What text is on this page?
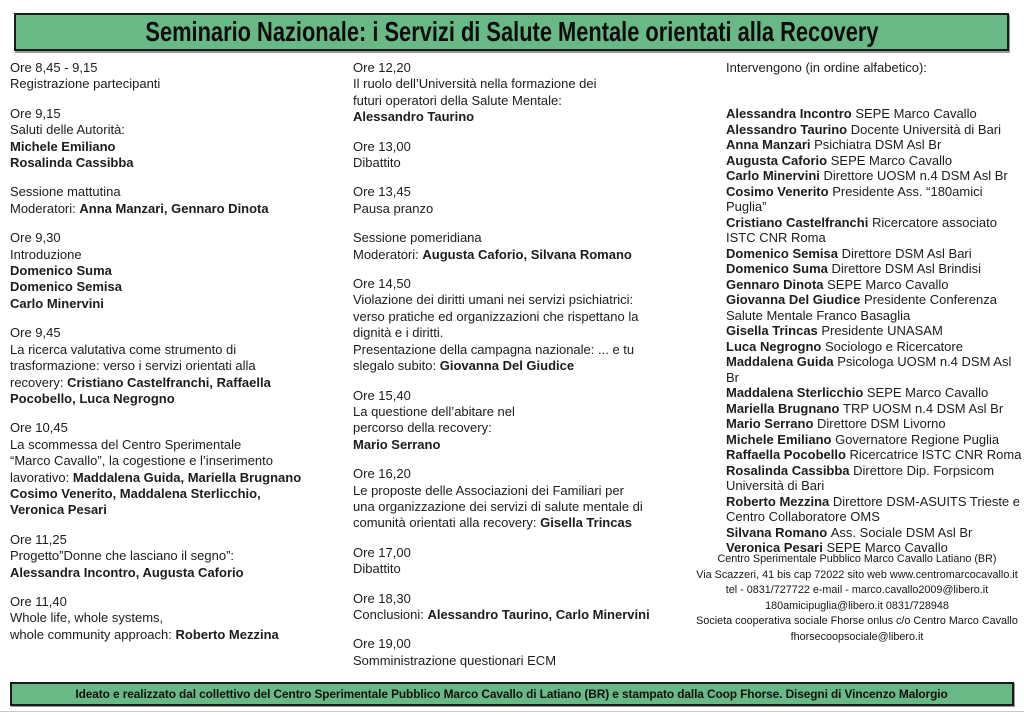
Seminario Nazionale: i Servizi di Salute Mentale orientati alla Recovery
Ore 8,45 - 9,15
Registrazione partecipanti
Ore 9,15
Saluti delle Autorità:
Michele Emiliano
Rosalinda Cassibba
Sessione mattutina
Moderatori: Anna Manzari, Gennaro Dinota
Ore 9,30
Introduzione
Domenico Suma
Domenico Semisa
Carlo Minervini
Ore 9,45
La ricerca valutativa come strumento di
trasformazione: verso i servizi orientati alla
recovery: Cristiano Castelfranchi, Raffaella
Pocobello, Luca Negrogno
Ore 10,45
La scommessa del Centro Sperimentale
“Marco Cavallo”, la cogestione e l’inserimento
lavorativo: Maddalena Guida, Mariella Brugnano
Cosimo Venerito, Maddalena Sterlicchio,
Veronica Pesari
Ore 11,25
Progetto”Donne che lasciano il segno”:
Alessandra Incontro, Augusta Caforio
Ore 11,40
Whole life, whole systems,
whole community approach: Roberto Mezzina
Ore 12,20
Il ruolo dell’Università nella formazione dei
futuri operatori della Salute Mentale:
Alessandro Taurino
Ore 13,00
Dibattito
Ore 13,45
Pausa pranzo
Sessione pomeridiana
Moderatori: Augusta Caforio, Silvana Romano
Ore 14,50
Violazione dei diritti umani nei servizi psichiatrici:
verso pratiche ed organizzazioni che rispettano la
dignità e i diritti.
Presentazione della campagna nazionale: ... e tu
slegalo subito: Giovanna Del Giudice
Ore 15,40
La questione dell’abitare nel
percorso della recovery:
Mario Serrano
Ore 16,20
Le proposte delle Associazioni dei Familiari per
una organizzazione dei servizi di salute mentale di
comunità orientati alla recovery: Gisella Trincas
Ore 17,00
Dibattito
Ore 18,30
Conclusioni: Alessandro Taurino, Carlo Minervini
Ore 19,00
Somministrazione questionari ECM
Intervengono (in ordine alfabetico):
Alessandra Incontro SEPE Marco Cavallo
Alessandro Taurino Docente Università di Bari
Anna Manzari Psichiatra DSM Asl Br
Augusta Caforio SEPE Marco Cavallo
Carlo Minervini Direttore UOSM n.4 DSM Asl Br
Cosimo Venerito Presidente Ass. “180amici Puglia”
Cristiano Castelfranchi Ricercatore associato ISTC CNR Roma
Domenico Semisa Direttore DSM Asl Bari
Domenico Suma Direttore DSM Asl Brindisi
Gennaro Dinota SEPE Marco Cavallo
Giovanna Del Giudice Presidente Conferenza Salute Mentale Franco Basaglia
Gisella Trincas Presidente UNASAM
Luca Negrogno Sociologo e Ricercatore
Maddalena Guida Psicologa UOSM n.4 DSM Asl Br
Maddalena Sterlicchio SEPE Marco Cavallo
Mariella Brugnano TRP UOSM n.4 DSM Asl Br
Mario Serrano Direttore DSM Livorno
Michele Emiliano Governatore Regione Puglia
Raffaella Pocobello Ricercatrice ISTC CNR Roma
Rosalinda Cassibba Direttore Dip. Forpsicom Università di Bari
Roberto Mezzina Direttore DSM-ASUITS Trieste e Centro Collaboratore OMS
Silvana Romano Ass. Sociale DSM Asl Br
Veronica Pesari SEPE Marco Cavallo
Centro Sperimentale Pubblico Marco Cavallo Latiano (BR)
Via Scazzeri, 41 bis cap 72022 sito web www.centromarcocavallo.it
tel - 0831/727722 e-mail - marco.cavallo2009@libero.it
180amicipuglia@libero.it 0831/728948
Societa cooperativa sociale Fhorse onlus c/o Centro Marco Cavallo
fhorsecoopsociale@libero.it
Ideato e realizzato dal collettivo del Centro Sperimentale Pubblico Marco Cavallo di Latiano (BR) e stampato dalla Coop Fhorse. Disegni di Vincenzo Malorgio
